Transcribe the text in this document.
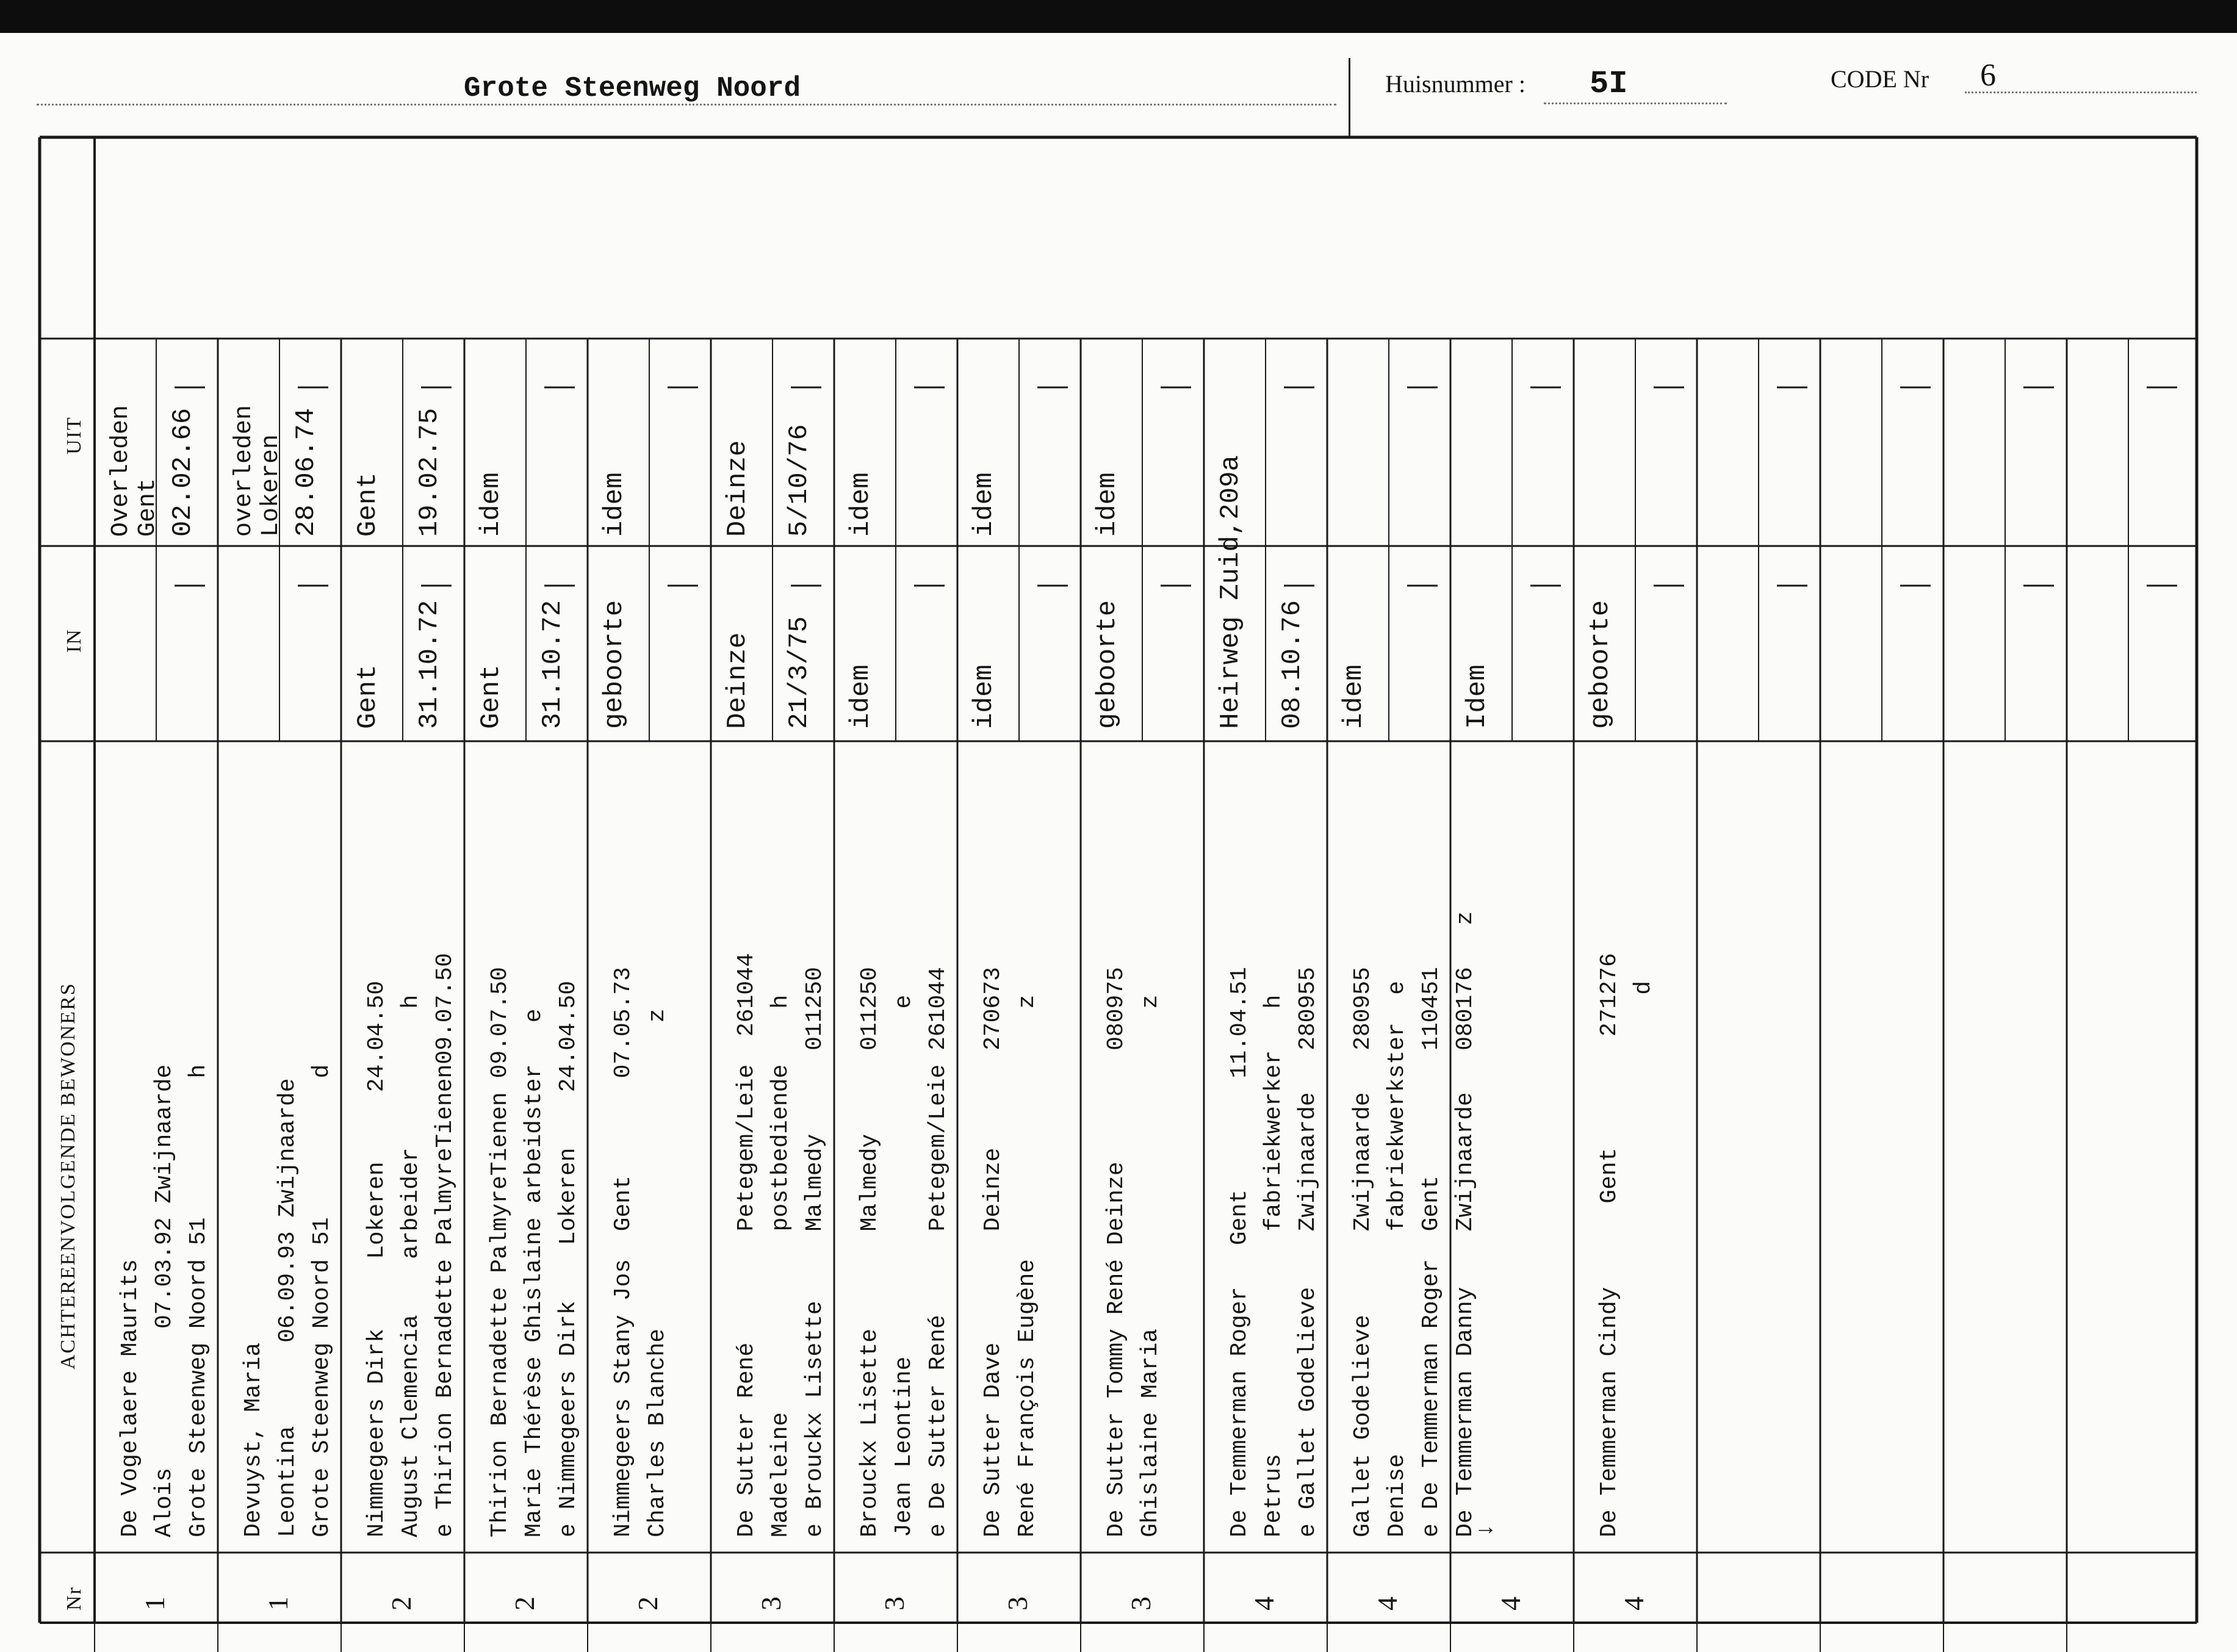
Grote Steenweg Noord	Huisnummer : 5I	CODE Nr 6
ACHTEREENVOLGENDE BEWONERS
Nr
IN
UIT
De Vogelaere Maurits Alois          07.03.92 Zwijnaarde Grote Steenweg Noord 51          h
Overleden Gent 02.02.66
1
Devuyst, Maria Leontina      06.09.93 Zwijnaarde Grote Steenweg Noord 51          d
overleden Lokeren 28.06.74
1
Nimmegeers Dirk     Lokeren     24.04.50 August Clemencia    arbeider          h e Thirion Bernadette PalmyreTienen09.07.50
Gent 31.10.72
Gent 19.02.75
2
Thirion Bernadette PalmyreTienen 09.07.50 Marie Thérèse Ghislaine arbeidster   e e Nimmegeers Dirk    Lokeren    24.04.50
Gent 31.10.72
idem
2
Nimmegeers Stany Jos  Gent       07.05.73 Charles Blanche                      z
geboorte
idem
2
De Sutter René        Petegem/Leie  261044 Madeleine             postbediende    h e Brouckx Lisette     Malmedy      011250
Deinze 21/3/75
Deinze 5/10/76
3
Brouckx Lisette       Malmedy      011250 Jean Leontine                         e e De Sutter René      Petegem/Leie 261044
idem
idem
3
De Sutter Dave        Deinze       270673 René François Eugène                  z
idem
idem
3
De Sutter Tommy René Deinze        080975 Ghislaine Maria                       z
geboorte
idem
3
De Temmerman Roger   Gent        11.04.51 Petrus                fabriekwerker   h e Gallet Godelieve    Zwijnaarde   280955
Heirweg Zuid,209a 08.10.76
4
Gallet Godelieve      Zwijnaarde   280955 Denise                fabriekwerkster  e e De Temmerman Roger  Gent         110451 De Temmerman Danny    Zwijnaarde   080176   z
idem
4
↓
Idem
4
De Temmerman Cindy      Gent        271276 d
geboorte
4
